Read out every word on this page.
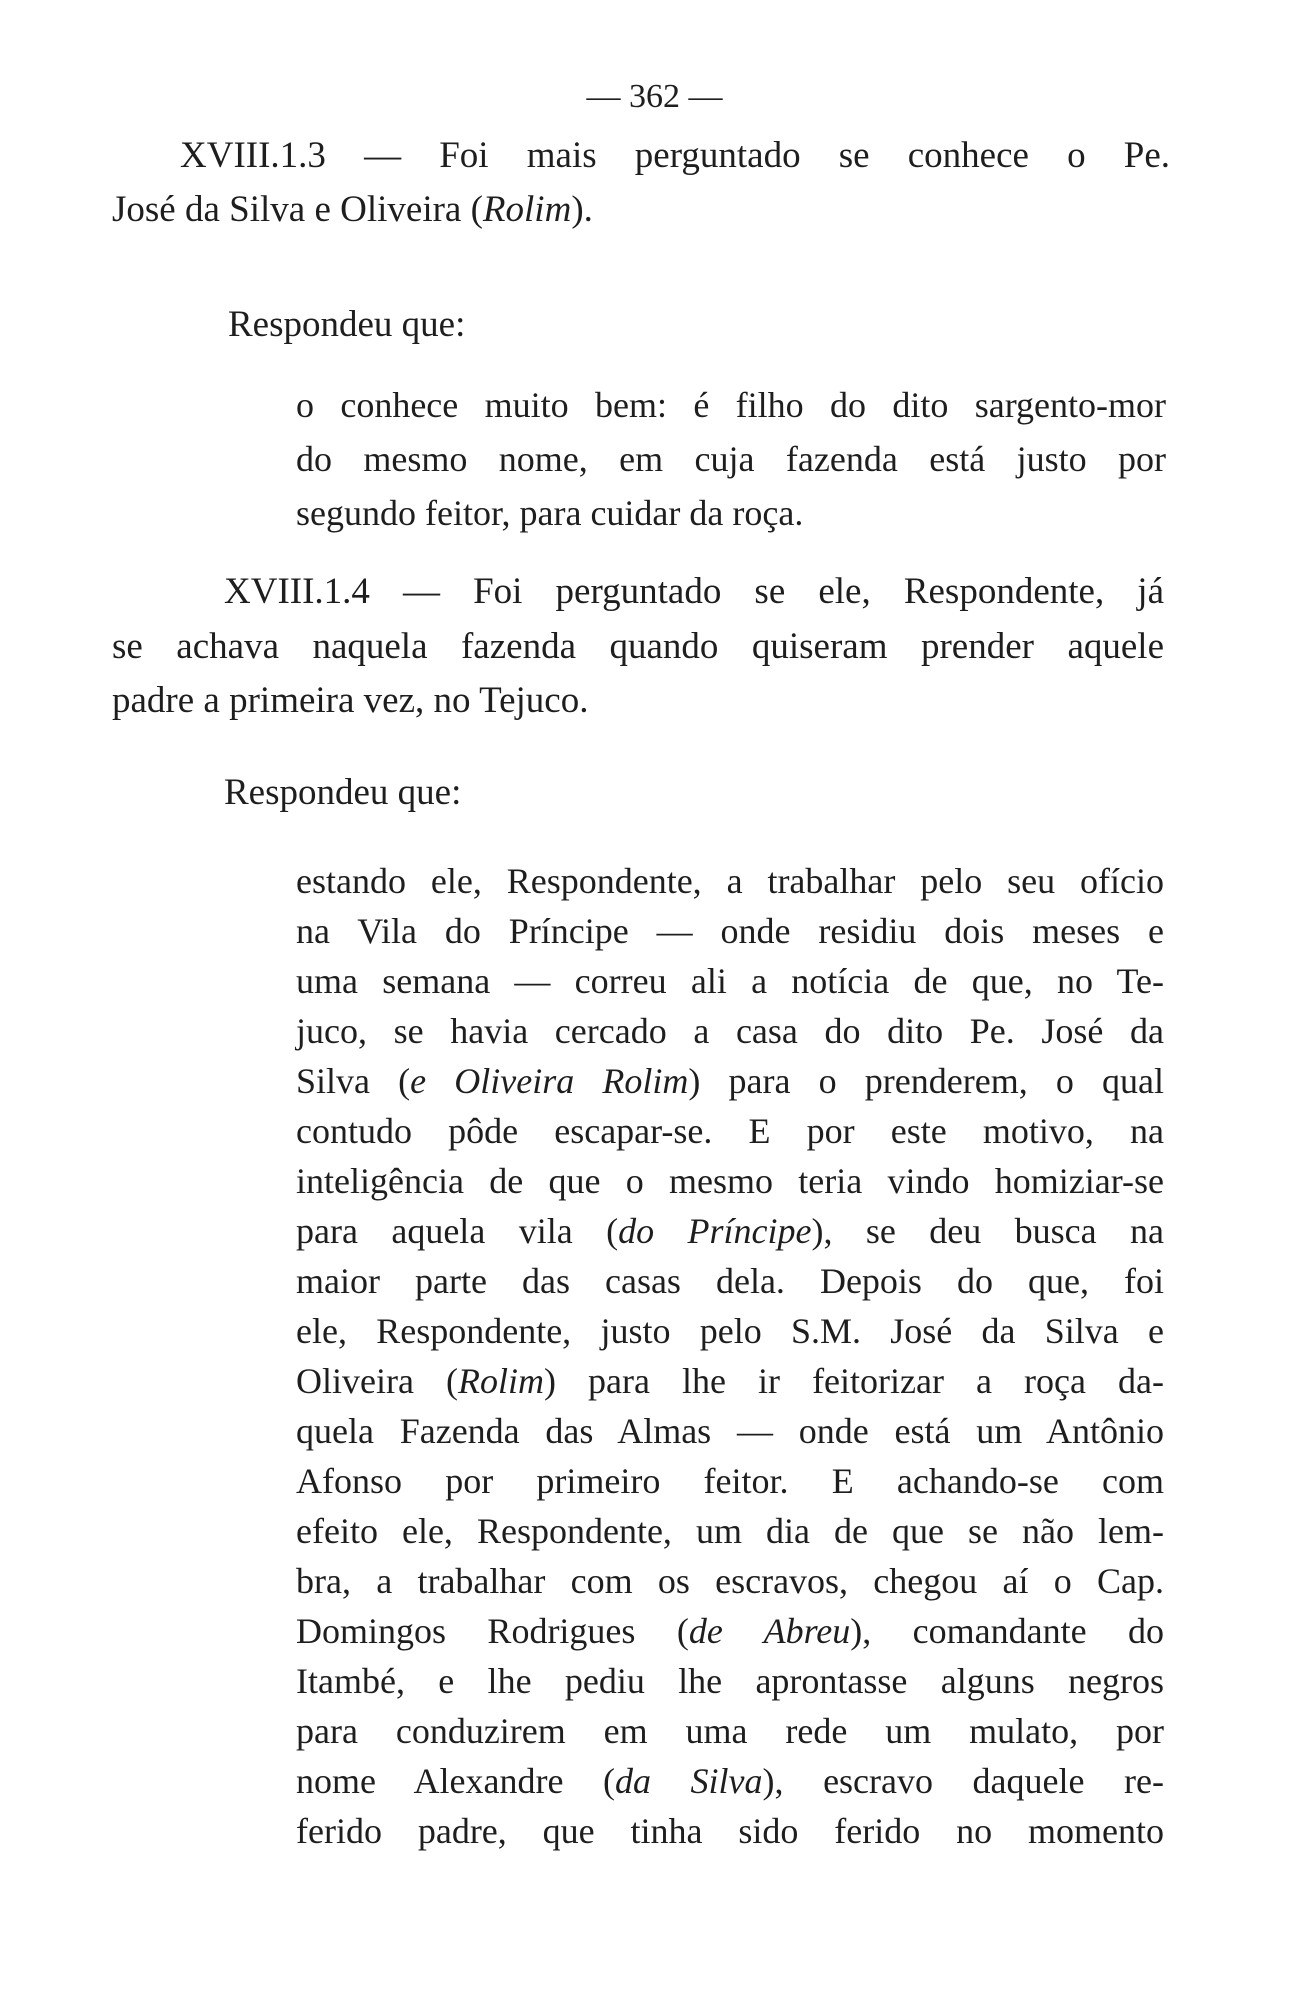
— 362 —

XVIII.1.3 — Foi mais perguntado se conhece o Pe.

José da Silva e Oliveira (Rolim).

Respondeu que:

o conhece muito bem: é filho do dito sargento-mor

do mesmo nome, em cuja fazenda está justo por

segundo feitor, para cuidar da roça.

XVIII.1.4 — Foi perguntado se ele, Respondente, já

se achava naquela fazenda quando quiseram prender aquele

padre a primeira vez, no Tejuco.

Respondeu que:

estando ele, Respondente, a trabalhar pelo seu ofício

na Vila do Príncipe — onde residiu dois meses e

uma semana — correu ali a notícia de que, no Te-

juco, se havia cercado a casa do dito Pe. José da

Silva (e Oliveira Rolim) para o prenderem, o qual

contudo pôde escapar-se. E por este motivo, na

inteligência de que o mesmo teria vindo homiziar-se

para aquela vila (do Príncipe), se deu busca na

maior parte das casas dela. Depois do que, foi

ele, Respondente, justo pelo S.M. José da Silva e

Oliveira (Rolim) para lhe ir feitorizar a roça da-

quela Fazenda das Almas — onde está um Antônio

Afonso por primeiro feitor. E achando-se com

efeito ele, Respondente, um dia de que se não lem-

bra, a trabalhar com os escravos, chegou aí o Cap.

Domingos Rodrigues (de Abreu), comandante do

Itambé, e lhe pediu lhe aprontasse alguns negros

para conduzirem em uma rede um mulato, por

nome Alexandre (da Silva), escravo daquele re-

ferido padre, que tinha sido ferido no momento
